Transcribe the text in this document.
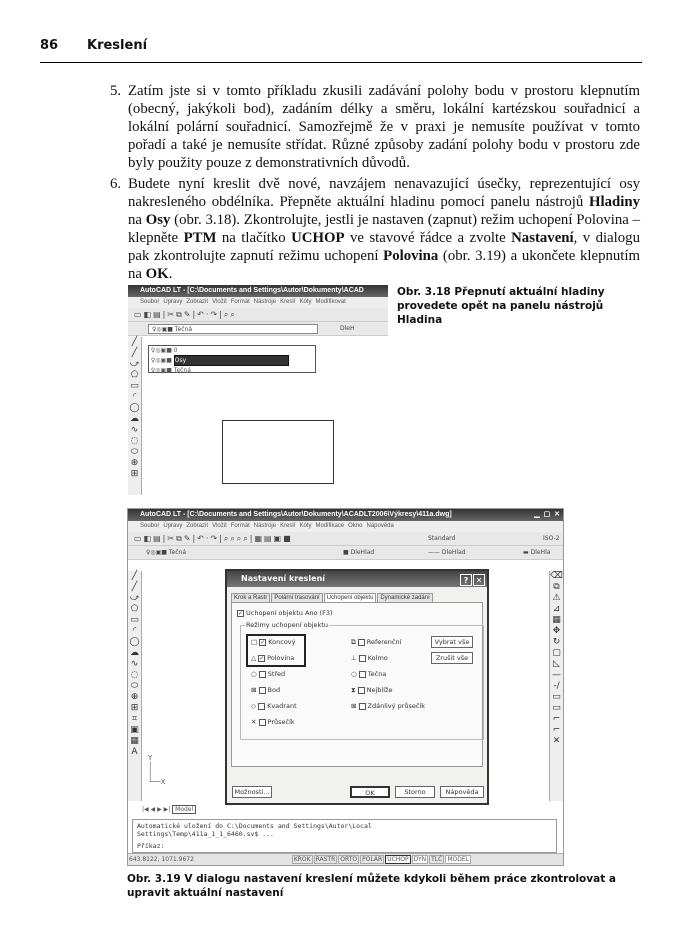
86 Kreslení
5. Zatím jste si v tomto příkladu zkusili zadávání polohy bodu v prostoru klepnutím (obecný, jakýkoli bod), zadáním délky a směru, lokální kartézskou souřadnicí a lokální polární souřadnicí. Samozřejmě že v praxi je nemusíte používat v tomto pořadí a také je nemusíte střídat. Různé způsoby zadání polohy bodu v prostoru zde byly použity pouze z demonstrativních důvodů.
6. Budete nyní kreslit dvě nové, navzájem nenavazující úsečky, reprezentující osy nakresleného obdélníka. Přepněte aktuální hladinu pomocí panelu nástrojů Hladiny na Osy (obr. 3.18). Zkontrolujte, jestli je nastaven (zapnut) režim uchopení Polovina – klepněte PTM na tlačítko UCHOP ve stavové řádce a zvolte Nastavení, v dialogu pak zkontrolujte zapnutí režimu uchopení Polovina (obr. 3.19) a ukončete klepnutím na OK.
AutoCAD LT - [C:\Documents and Settings\Autor\Dokumenty\ACAD
Soubor Úpravy Zobrazit Vložit Formát Nástroje Kreslí Kóty Modifikovat
▭◧▤|✂⧉✎|↶·↷|⌕⌕
♀◎▣■ Tečná	DleH
♀◎▣■ 0
♀◎▣■ Osy
♀◎▣■ Tečná
╱
╱
⤻
⬠
▭
◜
◯
☁
∿
◌
⬭
⊕
⊞
Obr. 3.18 Přepnutí aktuální hladiny provedete opět na panelu nástrojů Hladina
AutoCAD LT - [C:\Documents and Settings\Autor\Dokumenty\ACADLT2006\Výkresy\411a.dwg]	▁ ▢ ✕
Soubor Úpravy Zobrazit Vložit Formát Nástroje Kreslí Kóty Modifikace Okno Nápověda
▭◧▤|✂⧉✎|↶·↷|⌕⌕⌕⌕|▦▤▣■	Standard	ISO-2
♀◎▣■ Tečná	■ DleHlad	—— DleHlad	▬ DleHla
╱
╱
⤻
⬠
▭
◜
◯
☁
∿
◌
⬭
⊕
⊞
⌗
▣
▦
A
⌫
⧉
⚠
⊿
▦
✥
↻
▢
◺
—
-/
▭
▭
⌐
⌐
✕
Y
│
│
└──X
|◀ ◀ ▶ ▶| Model
Automatické uložení do C:\Documents and Settings\Autor\Local
Settings\Temp\411a_1_1_6460.sv$ ...
Příkaz:
643.8122, 1071.9672	KROK RASTR ORTO POLÁR UCHOP DYN TLČ MODEL
Nastavení kreslení	? ✕
Krok a Rastr Polární trasování Uchopení objektu Dynamické zadání
✓ Uchopení objektu Ano (F3)
Režimy uchopení objektu
□ ✓ Koncový
△ ✓ Polovina
○ Střed
⊠ Bod
◇ Kvadrant
✕ Průsečík
⧉ Referenční
⊥ Kolmo
○ Tečna
⧗ Nejblíže
⊠ Zdánlivý průsečík
Vybrat vše
Zrušit vše
Možnosti...	OK	Storno	Nápověda
Obr. 3.19 V dialogu nastavení kreslení můžete kdykoli během práce zkontrolovat a upravit aktuální nastavení
